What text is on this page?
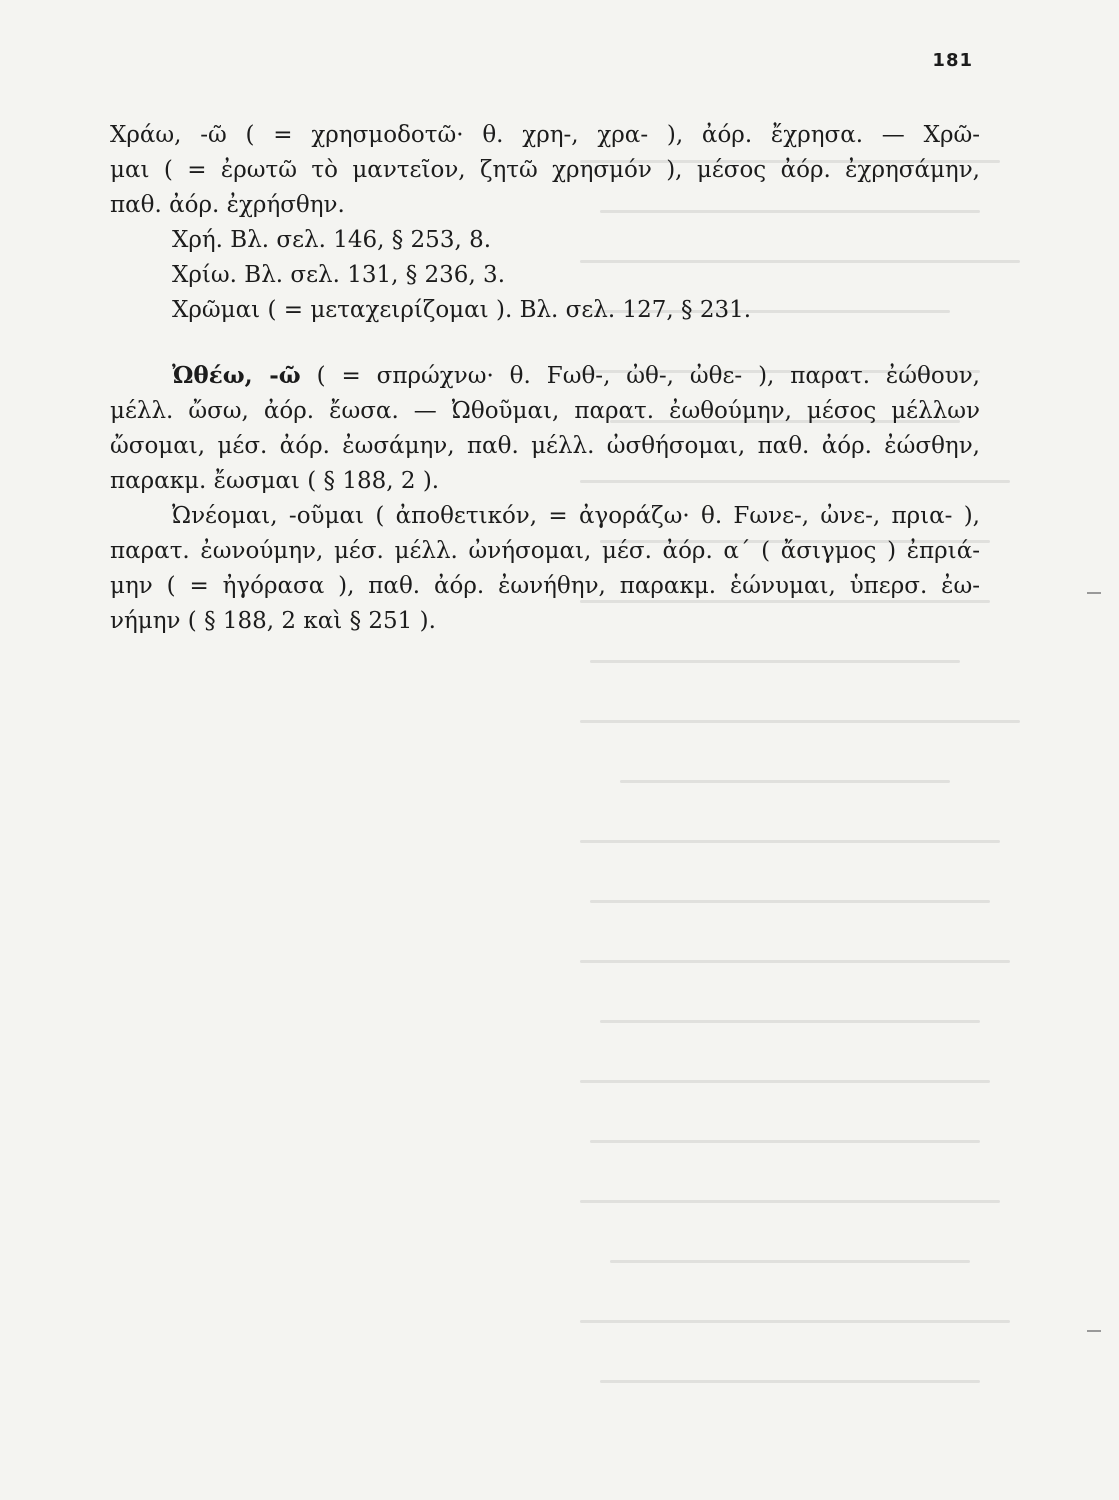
181
Χράω, -ῶ ( = χρησμοδοτῶ· θ. χρη-, χρα- ), ἀόρ. ἔχρησα. — Χρῶ-
μαι ( = ἐρωτῶ τὸ μαντεῖον, ζητῶ χρησμόν ), μέσος ἀόρ. ἐχρησάμην,
παθ. ἀόρ. ἐχρήσθην.
Χρή. Βλ. σελ. 146, § 253, 8.
Χρίω. Βλ. σελ. 131, § 236, 3.
Χρῶμαι ( = μεταχειρίζομαι ). Βλ. σελ. 127, § 231.
Ὠθέω, -ῶ ( = σπρώχνω· θ. Ϝωθ-, ὠθ-, ὠθε- ), παρατ. ἐώθουν,
μέλλ. ὤσω, ἀόρ. ἔωσα. — Ὠθοῦμαι, παρατ. ἐωθούμην, μέσος μέλλων
ὤσομαι, μέσ. ἀόρ. ἐωσάμην, παθ. μέλλ. ὠσθήσομαι, παθ. ἀόρ. ἐώσθην,
παρακμ. ἔωσμαι ( § 188, 2 ).
Ὠνέομαι, -οῦμαι ( ἀποθετικόν, = ἀγοράζω· θ. Ϝωνε-, ὠνε-, πρια- ),
παρατ. ἐωνούμην, μέσ. μέλλ. ὠνήσομαι, μέσ. ἀόρ. α΄ ( ἄσιγμος ) ἐπριά-
μην ( = ἠγόρασα ), παθ. ἀόρ. ἐωνήθην, παρακμ. ἑώνυμαι, ὑπερσ. ἐω-
νήμην ( § 188, 2 καὶ § 251 ).
